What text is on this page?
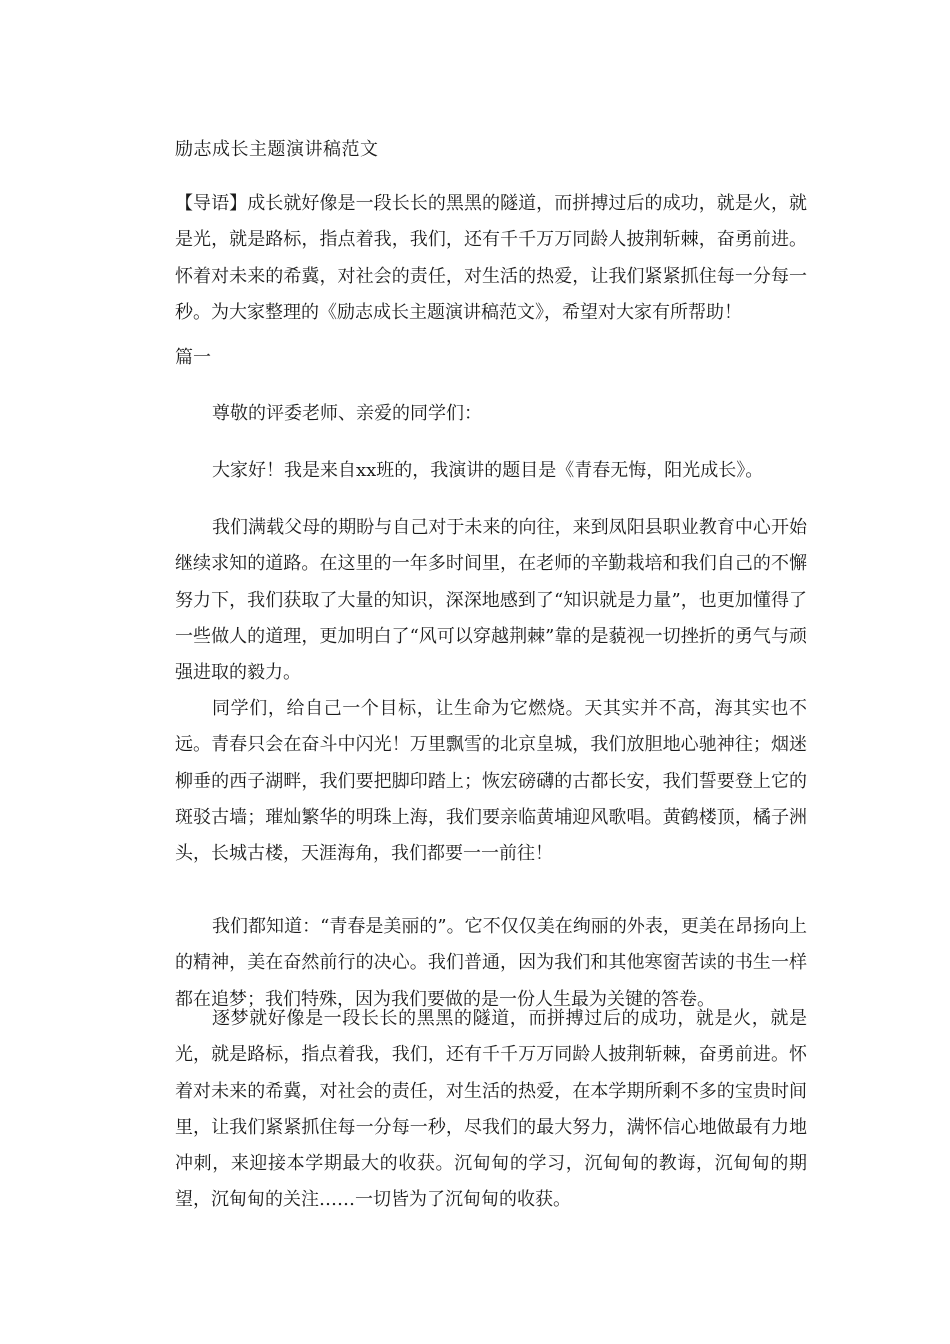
励志成长主题演讲稿范文

【导语】成长就好像是一段长长的黑黑的隧道，而拼搏过后的成功，就是火，就是光，就是路标，指点着我，我们，还有千千万万同龄人披荆斩棘，奋勇前进。怀着对未来的希冀，对社会的责任，对生活的热爱，让我们紧紧抓住每一分每一秒。为大家整理的《励志成长主题演讲稿范文》，希望对大家有所帮助！

篇一

尊敬的评委老师、亲爱的同学们：

大家好！我是来自xx班的，我演讲的题目是《青春无悔，阳光成长》。

我们满载父母的期盼与自己对于未来的向往，来到凤阳县职业教育中心开始继续求知的道路。在这里的一年多时间里，在老师的辛勤栽培和我们自己的不懈努力下，我们获取了大量的知识，深深地感到了“知识就是力量”，也更加懂得了一些做人的道理，更加明白了“风可以穿越荆棘”靠的是藐视一切挫折的勇气与顽强进取的毅力。

同学们，给自己一个目标，让生命为它燃烧。天其实并不高，海其实也不远。青春只会在奋斗中闪光！万里飘雪的北京皇城，我们放胆地心驰神往；烟迷柳垂的西子湖畔，我们要把脚印踏上；恢宏磅礴的古都长安，我们誓要登上它的斑驳古墙；璀灿繁华的明珠上海，我们要亲临黄埔迎风歌唱。黄鹤楼顶，橘子洲头，长城古楼，天涯海角，我们都要一一前往！

我们都知道：“青春是美丽的”。它不仅仅美在绚丽的外表，更美在昂扬向上的精神，美在奋然前行的决心。我们普通，因为我们和其他寒窗苦读的书生一样都在追梦；我们特殊，因为我们要做的是一份人生最为关键的答卷。

逐梦就好像是一段长长的黑黑的隧道，而拼搏过后的成功，就是火，就是光，就是路标，指点着我，我们，还有千千万万同龄人披荆斩棘，奋勇前进。怀着对未来的希冀，对社会的责任，对生活的热爱，在本学期所剩不多的宝贵时间里，让我们紧紧抓住每一分每一秒，尽我们的最大努力，满怀信心地做最有力地冲刺，来迎接本学期最大的收获。沉甸甸的学习，沉甸甸的教诲，沉甸甸的期望，沉甸甸的关注……一切皆为了沉甸甸的收获。
